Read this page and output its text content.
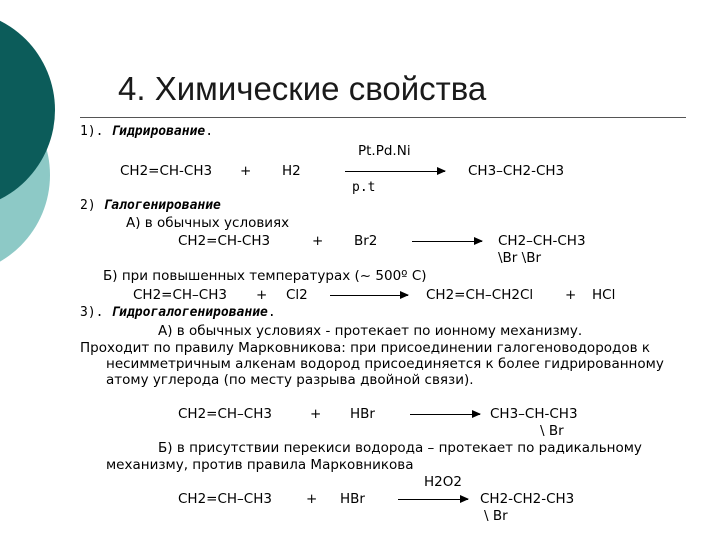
4. Химические свойства
1). Гидрирование.
Pt.Pd.Ni
CH2=CH-CH3 + H2	CH3–CH2-CH3
p.t
2) Галогенирование
А) в обычных условиях
CH2=CH-CH3	+ Br2	CH2–CH-CH3
\Br \Br
Б) при повышенных температурах (~ 500º С)
CH2=CH–CH3 + Cl2	CH2=CH–CH2Cl + HCl
3). Гидрогалогенирование.
А) в обычных условиях - протекает по ионному механизму.
Проходит по правилу Марковникова: при присоединении галогеноводородов к
несимметричным алкенам водород присоединяется к более гидрированному
атому углерода (по месту разрыва двойной связи).
CH2=CH–CH3	+ HBr	CH3–CH-CH3
\ Br
Б) в присутствии перекиси водорода – протекает по радикальному
механизму, против правила Марковникова
H2O2
CH2=CH–CH3	+ HBr	CH2-CH2-CH3
\ Br
